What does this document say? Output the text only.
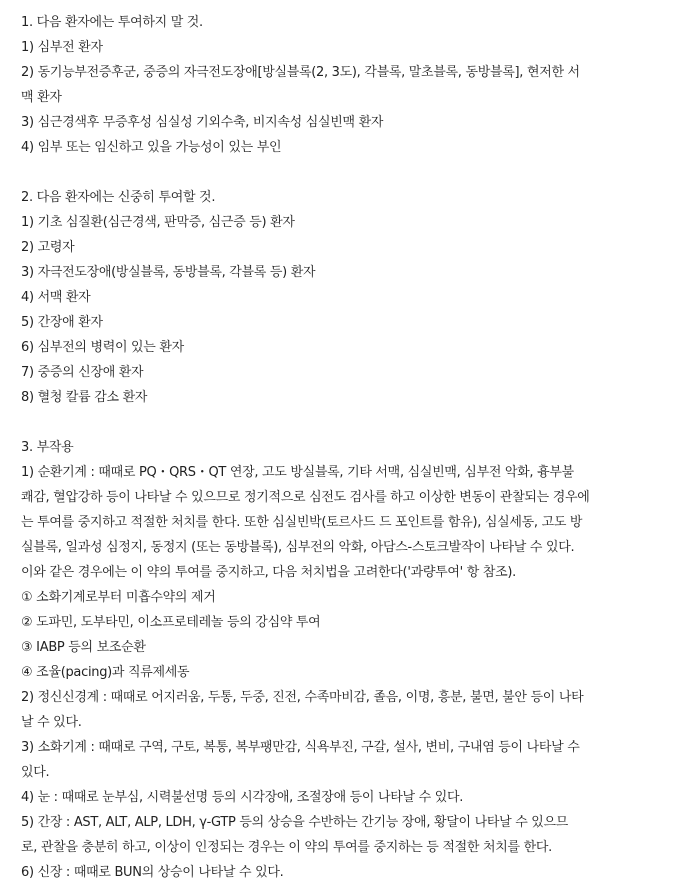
1. 다음 환자에는 투여하지 말 것.
1) 심부전 환자
2) 동기능부전증후군, 중증의 자극전도장애[방실블록(2, 3도), 각블록, 말초블록, 동방블록], 현저한 서
맥 환자
3) 심근경색후 무증후성 심실성 기외수축, 비지속성 심실빈맥 환자
4) 임부 또는 임신하고 있을 가능성이 있는 부인
2. 다음 환자에는 신중히 투여할 것.
1) 기초 심질환(심근경색, 판막증, 심근증 등) 환자
2) 고령자
3) 자극전도장애(방실블록, 동방블록, 각블록 등) 환자
4) 서맥 환자
5) 간장애 환자
6) 심부전의 병력이 있는 환자
7) 중증의 신장애 환자
8) 혈청 칼륨 감소 환자
3. 부작용
1) 순환기계 : 때때로 PQ・QRS・QT 연장, 고도 방실블록, 기타 서맥, 심실빈맥, 심부전 악화, 흉부불
쾌감, 혈압강하 등이 나타날 수 있으므로 정기적으로 심전도 검사를 하고 이상한 변동이 관찰되는 경우에
는 투여를 중지하고 적절한 처치를 한다. 또한 심실빈박(토르사드 드 포인트를 함유), 심실세동, 고도 방
실블록, 일과성 심정지, 동정지 (또는 동방블록), 심부전의 악화, 아담스-스토크발작이 나타날 수 있다.
이와 같은 경우에는 이 약의 투여를 중지하고, 다음 처치법을 고려한다('과량투여' 항 참조).
① 소화기계로부터 미흡수약의 제거
② 도파민, 도부타민, 이소프로테레놀 등의 강심약 투여
③ IABP 등의 보조순환
④ 조율(pacing)과 직류제세동
2) 정신신경계 : 때때로 어지러움, 두통, 두중, 진전, 수족마비감, 졸음, 이명, 흥분, 불면, 불안 등이 나타
날 수 있다.
3) 소화기계 : 때때로 구역, 구토, 복통, 복부팽만감, 식욕부진, 구갈, 설사, 변비, 구내염 등이 나타날 수
있다.
4) 눈 : 때때로 눈부심, 시력불선명 등의 시각장애, 조절장애 등이 나타날 수 있다.
5) 간장 : AST, ALT, ALP, LDH, γ-GTP 등의 상승을 수반하는 간기능 장애, 황달이 나타날 수 있으므
로, 관찰을 충분히 하고, 이상이 인정되는 경우는 이 약의 투여를 중지하는 등 적절한 처치를 한다.
6) 신장 : 때때로 BUN의 상승이 나타날 수 있다.
